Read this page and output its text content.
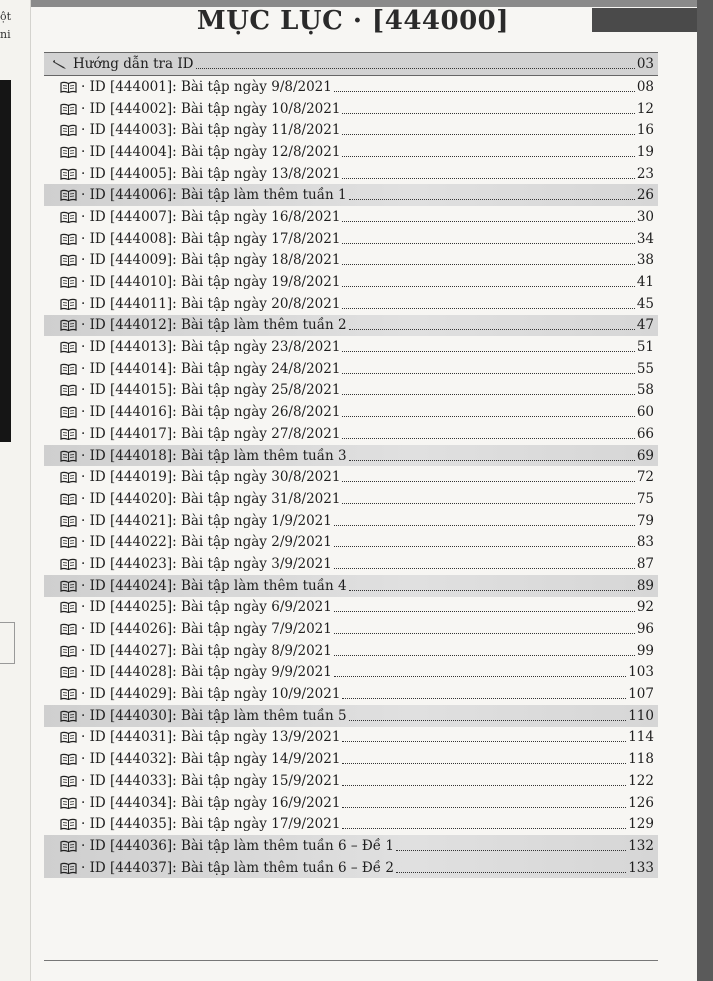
ột
ni	MỤC LỤC · [444000]
Hướng dẫn tra ID	03
· ID [444001]: Bài tập ngày 9/8/2021	08
· ID [444002]: Bài tập ngày 10/8/2021	12
· ID [444003]: Bài tập ngày 11/8/2021	16
· ID [444004]: Bài tập ngày 12/8/2021	19
· ID [444005]: Bài tập ngày 13/8/2021	23
· ID [444006]: Bài tập làm thêm tuần 1	26
· ID [444007]: Bài tập ngày 16/8/2021	30
· ID [444008]: Bài tập ngày 17/8/2021	34
· ID [444009]: Bài tập ngày 18/8/2021	38
· ID [444010]: Bài tập ngày 19/8/2021	41
· ID [444011]: Bài tập ngày 20/8/2021	45
· ID [444012]: Bài tập làm thêm tuần 2	47
· ID [444013]: Bài tập ngày 23/8/2021	51
· ID [444014]: Bài tập ngày 24/8/2021	55
· ID [444015]: Bài tập ngày 25/8/2021	58
· ID [444016]: Bài tập ngày 26/8/2021	60
· ID [444017]: Bài tập ngày 27/8/2021	66
· ID [444018]: Bài tập làm thêm tuần 3	69
· ID [444019]: Bài tập ngày 30/8/2021	72
· ID [444020]: Bài tập ngày 31/8/2021	75
· ID [444021]: Bài tập ngày 1/9/2021	79
· ID [444022]: Bài tập ngày 2/9/2021	83
· ID [444023]: Bài tập ngày 3/9/2021	87
· ID [444024]: Bài tập làm thêm tuần 4	89
· ID [444025]: Bài tập ngày 6/9/2021	92
· ID [444026]: Bài tập ngày 7/9/2021	96
· ID [444027]: Bài tập ngày 8/9/2021	99
· ID [444028]: Bài tập ngày 9/9/2021	103
· ID [444029]: Bài tập ngày 10/9/2021	107
· ID [444030]: Bài tập làm thêm tuần 5	110
· ID [444031]: Bài tập ngày 13/9/2021	114
· ID [444032]: Bài tập ngày 14/9/2021	118
· ID [444033]: Bài tập ngày 15/9/2021	122
· ID [444034]: Bài tập ngày 16/9/2021	126
· ID [444035]: Bài tập ngày 17/9/2021	129
· ID [444036]: Bài tập làm thêm tuần 6 – Đề 1	132
· ID [444037]: Bài tập làm thêm tuần 6 – Đề 2	133
